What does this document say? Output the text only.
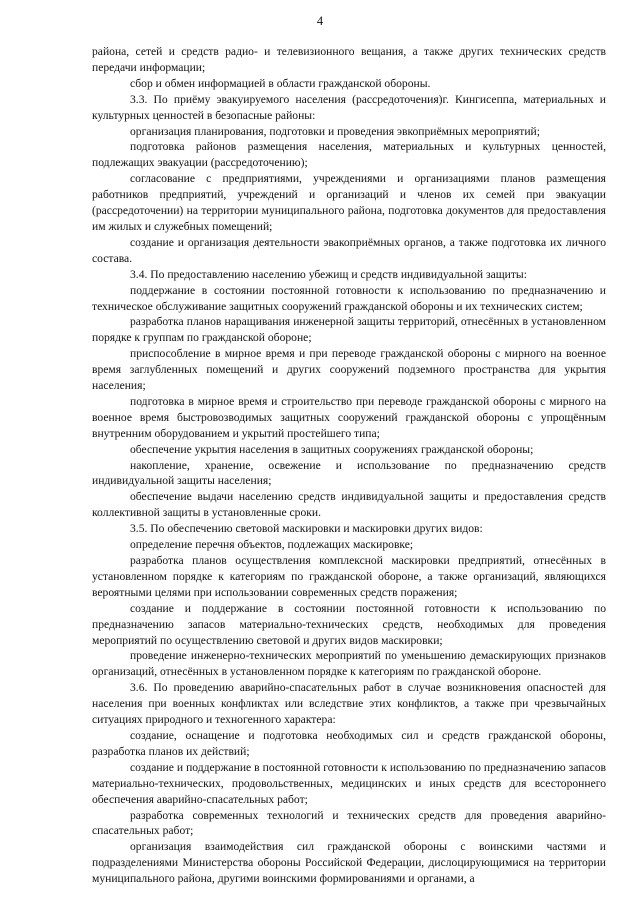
4

района, сетей и средств радио- и телевизионного вещания, а также других технических средств передачи информации;

сбор и обмен информацией в области гражданской обороны.

3.3. По приёму эвакуируемого населения (рассредоточения)г. Кингисеппа, материальных и культурных ценностей в безопасные районы:

организация планирования, подготовки и проведения эвкоприёмных мероприятий;

подготовка районов размещения населения, материальных и культурных ценностей, подлежащих эвакуации (рассредоточению);

согласование с предприятиями, учреждениями и организациями планов размещения работников предприятий, учреждений и организаций и членов их семей при эвакуации (рассредоточении) на территории муниципального района, подготовка документов для предоставления им жилых и служебных помещений;

создание и организация деятельности эвакоприёмных органов, а также подготовка их личного состава.

3.4. По предоставлению населению убежищ и средств индивидуальной защиты:

поддержание в состоянии постоянной готовности к использованию по предназначению и техническое обслуживание защитных сооружений гражданской обороны и их технических систем;

разработка планов наращивания инженерной защиты территорий, отнесённых в установленном порядке к группам по гражданской обороне;

приспособление в мирное время и при переводе гражданской обороны с мирного на военное время заглубленных помещений и других сооружений подземного пространства для укрытия населения;

подготовка в мирное время и строительство при переводе гражданской обороны с мирного на военное время быстровозводимых защитных сооружений гражданской обороны с упрощённым внутренним оборудованием и укрытий простейшего типа;

обеспечение укрытия населения в защитных сооружениях гражданской обороны;

накопление, хранение, освежение и использование по предназначению средств индивидуальной защиты населения;

обеспечение выдачи населению средств индивидуальной защиты и предоставления средств коллективной защиты в установленные сроки.

3.5. По обеспечению световой маскировки и маскировки других видов:

определение перечня объектов, подлежащих маскировке;

разработка планов осуществления комплексной маскировки предприятий, отнесённых в установленном порядке к категориям по гражданской обороне, а также организаций, являющихся вероятными целями при использовании современных средств поражения;

создание и поддержание в состоянии постоянной готовности к использованию по предназначению запасов материально-технических средств, необходимых для проведения мероприятий по осуществлению световой и других видов маскировки;

проведение инженерно-технических мероприятий по уменьшению демаскирующих признаков организаций, отнесённых в установленном порядке к категориям по гражданской обороне.

3.6. По проведению аварийно-спасательных работ в случае возникновения опасностей для населения при военных конфликтах или вследствие этих конфликтов, а также при чрезвычайных ситуациях природного и техногенного характера:

создание, оснащение и подготовка необходимых сил и средств гражданской обороны, разработка планов их действий;

создание и поддержание в постоянной готовности к использованию по предназначению запасов материально-технических, продовольственных, медицинских и иных средств для всестороннего обеспечения аварийно-спасательных работ;

разработка современных технологий и технических средств для проведения аварийно-спасательных работ;

организация взаимодействия сил гражданской обороны с воинскими частями и подразделениями Министерства обороны Российской Федерации, дислоцирующимися на территории муниципального района, другими воинскими формированиями и органами, а
